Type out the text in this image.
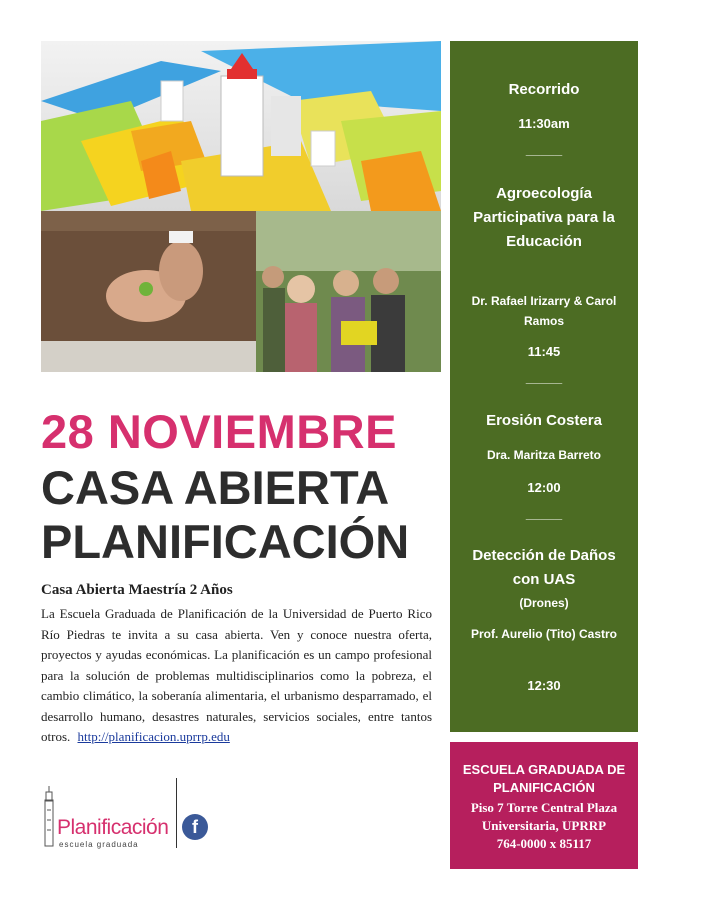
28 NOVIEMBRE
CASA ABIERTA
PLANIFICACIÓN
Casa Abierta Maestría 2 Años
La Escuela Graduada de Planificación de la Universidad de Puerto Rico Río Piedras te invita a su casa abierta. Ven y conoce nuestra oferta, proyectos y ayudas económicas. La planificación es un campo profesional para la solución de problemas multidisciplinarios como la pobreza, el cambio climático, la soberanía alimentaria, el urbanismo desparramado, el desarrollo humano, desastres naturales, servicios sociales, entre tantos otros. http://planificacion.uprrp.edu
Planificación
escuela graduada
f
Recorrido
11:30am
_____
Agroecología Participativa para la Educación
Dr. Rafael Irizarry & Carol Ramos
11:45
_____
Erosión Costera
Dra. Maritza Barreto
12:00
_____
Detección de Daños con UAS
(Drones)
Prof. Aurelio (Tito) Castro
12:30
ESCUELA GRADUADA DE PLANIFICACIÓN
Piso 7 Torre Central Plaza
Universitaria, UPRRP
764-0000 x 85117
